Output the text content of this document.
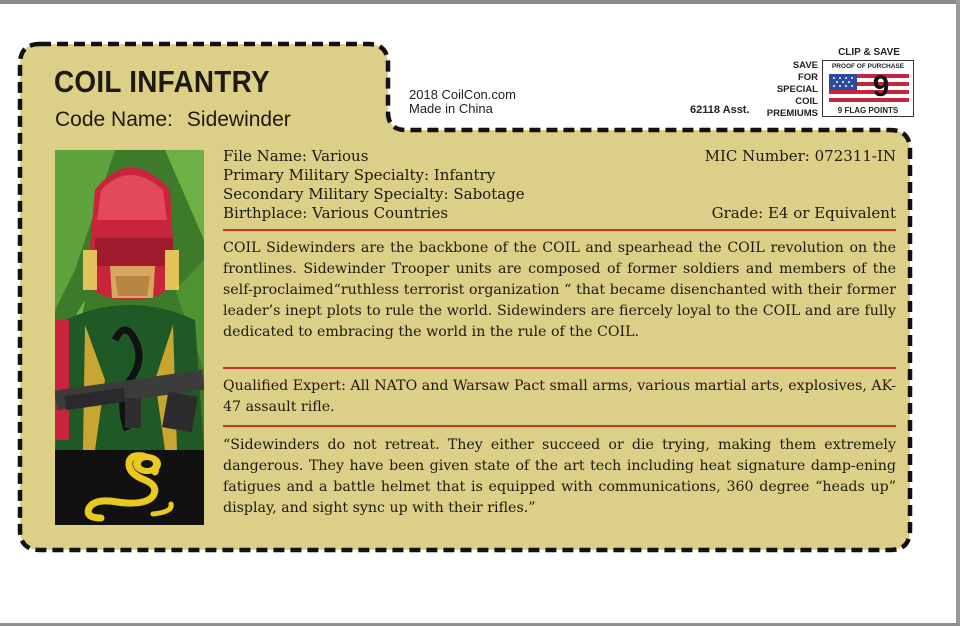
COIL INFANTRY
Code Name: Sidewinder
2018 CoilCon.com
Made in China	62118 Asst.
SAVE
FOR
SPECIAL
COIL
PREMIUMS
CLIP & SAVE
PROOF OF PURCHASE
9
9 FLAG POINTS
File Name: Various	MIC Number: 072311-IN
Primary Military Specialty: Infantry
Secondary Military Specialty: Sabotage
Birthplace: Various Countries	Grade: E4 or Equivalent

COIL Sidewinders are the backbone of the COIL and spearhead the COIL revolution on the frontlines. Sidewinder Trooper units are composed of former soldiers and members of the self-proclaimed“ruthless terrorist organization “ that became disenchanted with their former leader’s inept plots to rule the world. Sidewinders are fiercely loyal to the COIL and are fully dedicated to embracing the world in the rule of the COIL.

Qualified Expert: All NATO and Warsaw Pact small arms, various martial arts, explosives, AK-47 assault rifle.

“Sidewinders do not retreat. They either succeed or die trying, making them extremely dangerous. They have been given state of the art tech including heat signature damp-ening fatigues and a battle helmet that is equipped with communications, 360 degree “heads up” display, and sight sync up with their rifles.”
